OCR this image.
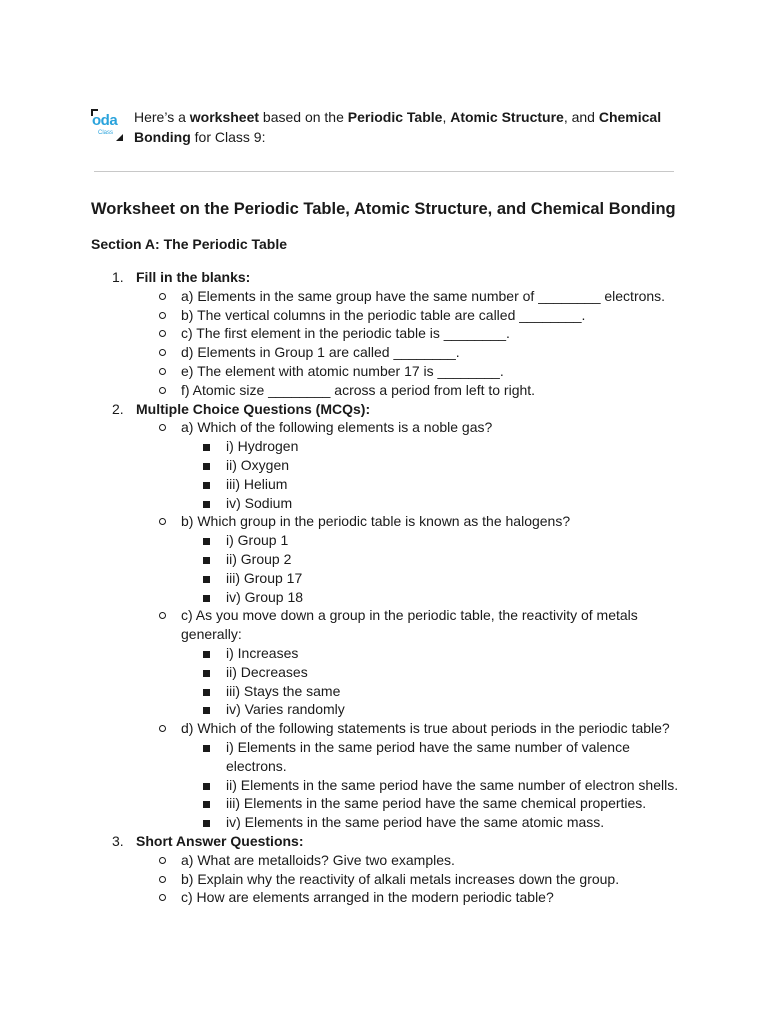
oda
Class

Here’s a worksheet based on the Periodic Table, Atomic Structure, and Chemical Bonding for Class 9:

Worksheet on the Periodic Table, Atomic Structure, and Chemical Bonding
Section A: The Periodic Table
1. Fill in the blanks:
a) Elements in the same group have the same number of ________ electrons.
b) The vertical columns in the periodic table are called ________.
c) The first element in the periodic table is ________.
d) Elements in Group 1 are called ________.
e) The element with atomic number 17 is ________.
f) Atomic size ________ across a period from left to right.
2. Multiple Choice Questions (MCQs):
a) Which of the following elements is a noble gas?
i) Hydrogen
ii) Oxygen
iii) Helium
iv) Sodium
b) Which group in the periodic table is known as the halogens?
i) Group 1
ii) Group 2
iii) Group 17
iv) Group 18
c) As you move down a group in the periodic table, the reactivity of metals
generally:
i) Increases
ii) Decreases
iii) Stays the same
iv) Varies randomly
d) Which of the following statements is true about periods in the periodic table?
i) Elements in the same period have the same number of valence
electrons.
ii) Elements in the same period have the same number of electron shells.
iii) Elements in the same period have the same chemical properties.
iv) Elements in the same period have the same atomic mass.
3. Short Answer Questions:
a) What are metalloids? Give two examples.
b) Explain why the reactivity of alkali metals increases down the group.
c) How are elements arranged in the modern periodic table?
